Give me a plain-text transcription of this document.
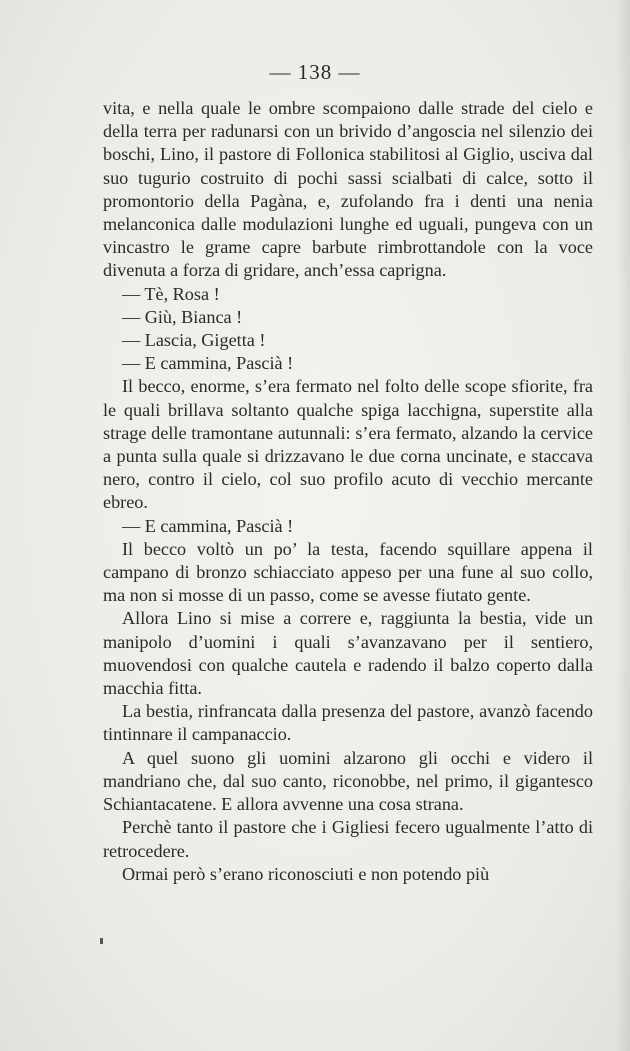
— 138 —

vita, e nella quale le ombre scompaiono dalle strade del cielo e della terra per radunarsi con un brivido d’angoscia nel silenzio dei boschi, Lino, il pastore di Follonica stabilitosi al Giglio, usciva dal suo tugurio costruito di pochi sassi scialbati di calce, sotto il promontorio della Pagàna, e, zufolando fra i denti una nenia melanconica dalle modulazioni lunghe ed uguali, pungeva con un vincastro le grame capre barbute rimbrottandole con la voce divenuta a forza di gridare, anch’essa caprigna.

— Tè, Rosa !

— Giù, Bianca !

— Lascia, Gigetta !

— E cammina, Pascià !

Il becco, enorme, s’era fermato nel folto delle scope sfiorite, fra le quali brillava soltanto qualche spiga lacchigna, superstite alla strage delle tramontane autunnali: s’era fermato, alzando la cervice a punta sulla quale si drizzavano le due corna uncinate, e staccava nero, contro il cielo, col suo profilo acuto di vecchio mercante ebreo.

— E cammina, Pascià !

Il becco voltò un po’ la testa, facendo squillare appena il campano di bronzo schiacciato appeso per una fune al suo collo, ma non si mosse di un passo, come se avesse fiutato gente.

Allora Lino si mise a correre e, raggiunta la bestia, vide un manipolo d’uomini i quali s’avanzavano per il sentiero, muovendosi con qualche cautela e radendo il balzo coperto dalla macchia fitta.

La bestia, rinfrancata dalla presenza del pastore, avanzò facendo tintinnare il campanaccio.

A quel suono gli uomini alzarono gli occhi e videro il mandriano che, dal suo canto, riconobbe, nel primo, il gigantesco Schiantacatene. E allora avvenne una cosa strana.

Perchè tanto il pastore che i Gigliesi fecero ugualmente l’atto di retrocedere.

Ormai però s’erano riconosciuti e non potendo più
